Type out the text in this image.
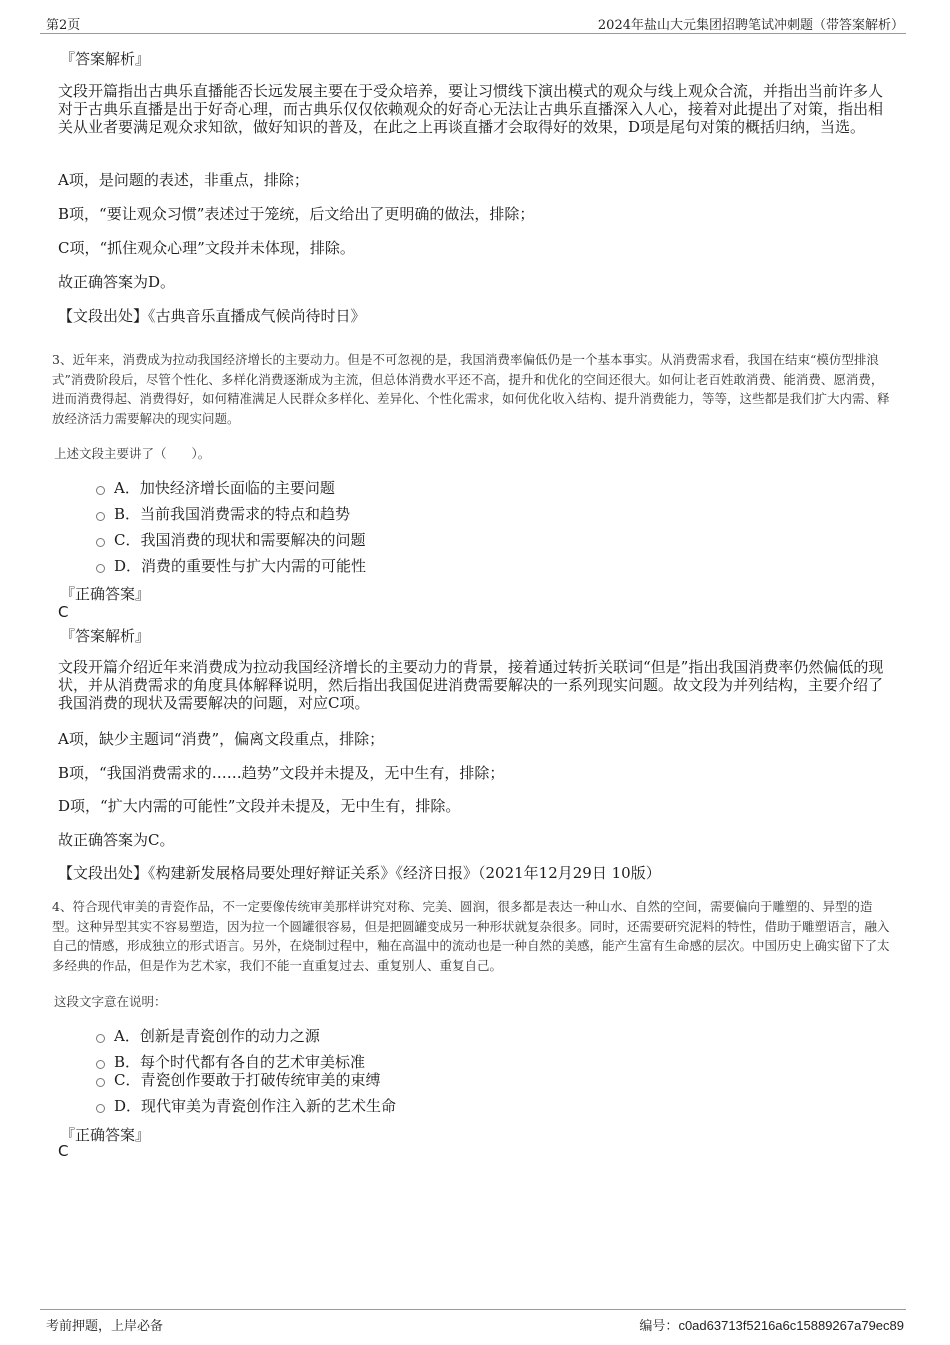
第2页	2024年盐山大元集团招聘笔试冲刺题（带答案解析）
『答案解析』
文段开篇指出古典乐直播能否长远发展主要在于受众培养，要让习惯线下演出模式的观众与线上观众合流，并指出当前许多人对于古典乐直播是出于好奇心理，而古典乐仅仅依赖观众的好奇心无法让古典乐直播深入人心，接着对此提出了对策，指出相关从业者要满足观众求知欲，做好知识的普及，在此之上再谈直播才会取得好的效果，D项是尾句对策的概括归纳，当选。
A项，是问题的表述，非重点，排除；
B项，“要让观众习惯”表述过于笼统，后文给出了更明确的做法，排除；
C项，“抓住观众心理”文段并未体现，排除。
故正确答案为D。
【文段出处】《古典音乐直播成气候尚待时日》
3、近年来，消费成为拉动我国经济增长的主要动力。但是不可忽视的是，我国消费率偏低仍是一个基本事实。从消费需求看，我国在结束“模仿型排浪式”消费阶段后，尽管个性化、多样化消费逐渐成为主流，但总体消费水平还不高，提升和优化的空间还很大。如何让老百姓敢消费、能消费、愿消费，进而消费得起、消费得好，如何精准满足人民群众多样化、差异化、个性化需求，如何优化收入结构、提升消费能力，等等，这些都是我们扩大内需、释放经济活力需要解决的现实问题。
上述文段主要讲了（　　）。
A．加快经济增长面临的主要问题
B．当前我国消费需求的特点和趋势
C．我国消费的现状和需要解决的问题
D．消费的重要性与扩大内需的可能性
『正确答案』
C
『答案解析』
文段开篇介绍近年来消费成为拉动我国经济增长的主要动力的背景，接着通过转折关联词“但是”指出我国消费率仍然偏低的现状，并从消费需求的角度具体解释说明，然后指出我国促进消费需要解决的一系列现实问题。故文段为并列结构，主要介绍了我国消费的现状及需要解决的问题，对应C项。
A项，缺少主题词“消费”，偏离文段重点，排除；
B项，“我国消费需求的……趋势”文段并未提及，无中生有，排除；
D项，“扩大内需的可能性”文段并未提及，无中生有，排除。
故正确答案为C。
【文段出处】《构建新发展格局要处理好辩证关系》《经济日报》（2021年12月29日 10版）
4、符合现代审美的青瓷作品，不一定要像传统审美那样讲究对称、完美、圆润，很多都是表达一种山水、自然的空间，需要偏向于雕塑的、异型的造型。这种异型其实不容易塑造，因为拉一个圆罐很容易，但是把圆罐变成另一种形状就复杂很多。同时，还需要研究泥料的特性，借助于雕塑语言，融入自己的情感，形成独立的形式语言。另外，在烧制过程中，釉在高温中的流动也是一种自然的美感，能产生富有生命感的层次。中国历史上确实留下了太多经典的作品，但是作为艺术家，我们不能一直重复过去、重复别人、重复自己。
这段文字意在说明：
A．创新是青瓷创作的动力之源
B．每个时代都有各自的艺术审美标准
C．青瓷创作要敢于打破传统审美的束缚
D．现代审美为青瓷创作注入新的艺术生命
『正确答案』
C
考前押题，上岸必备	编号：c0ad63713f5216a6c15889267a79ec89
